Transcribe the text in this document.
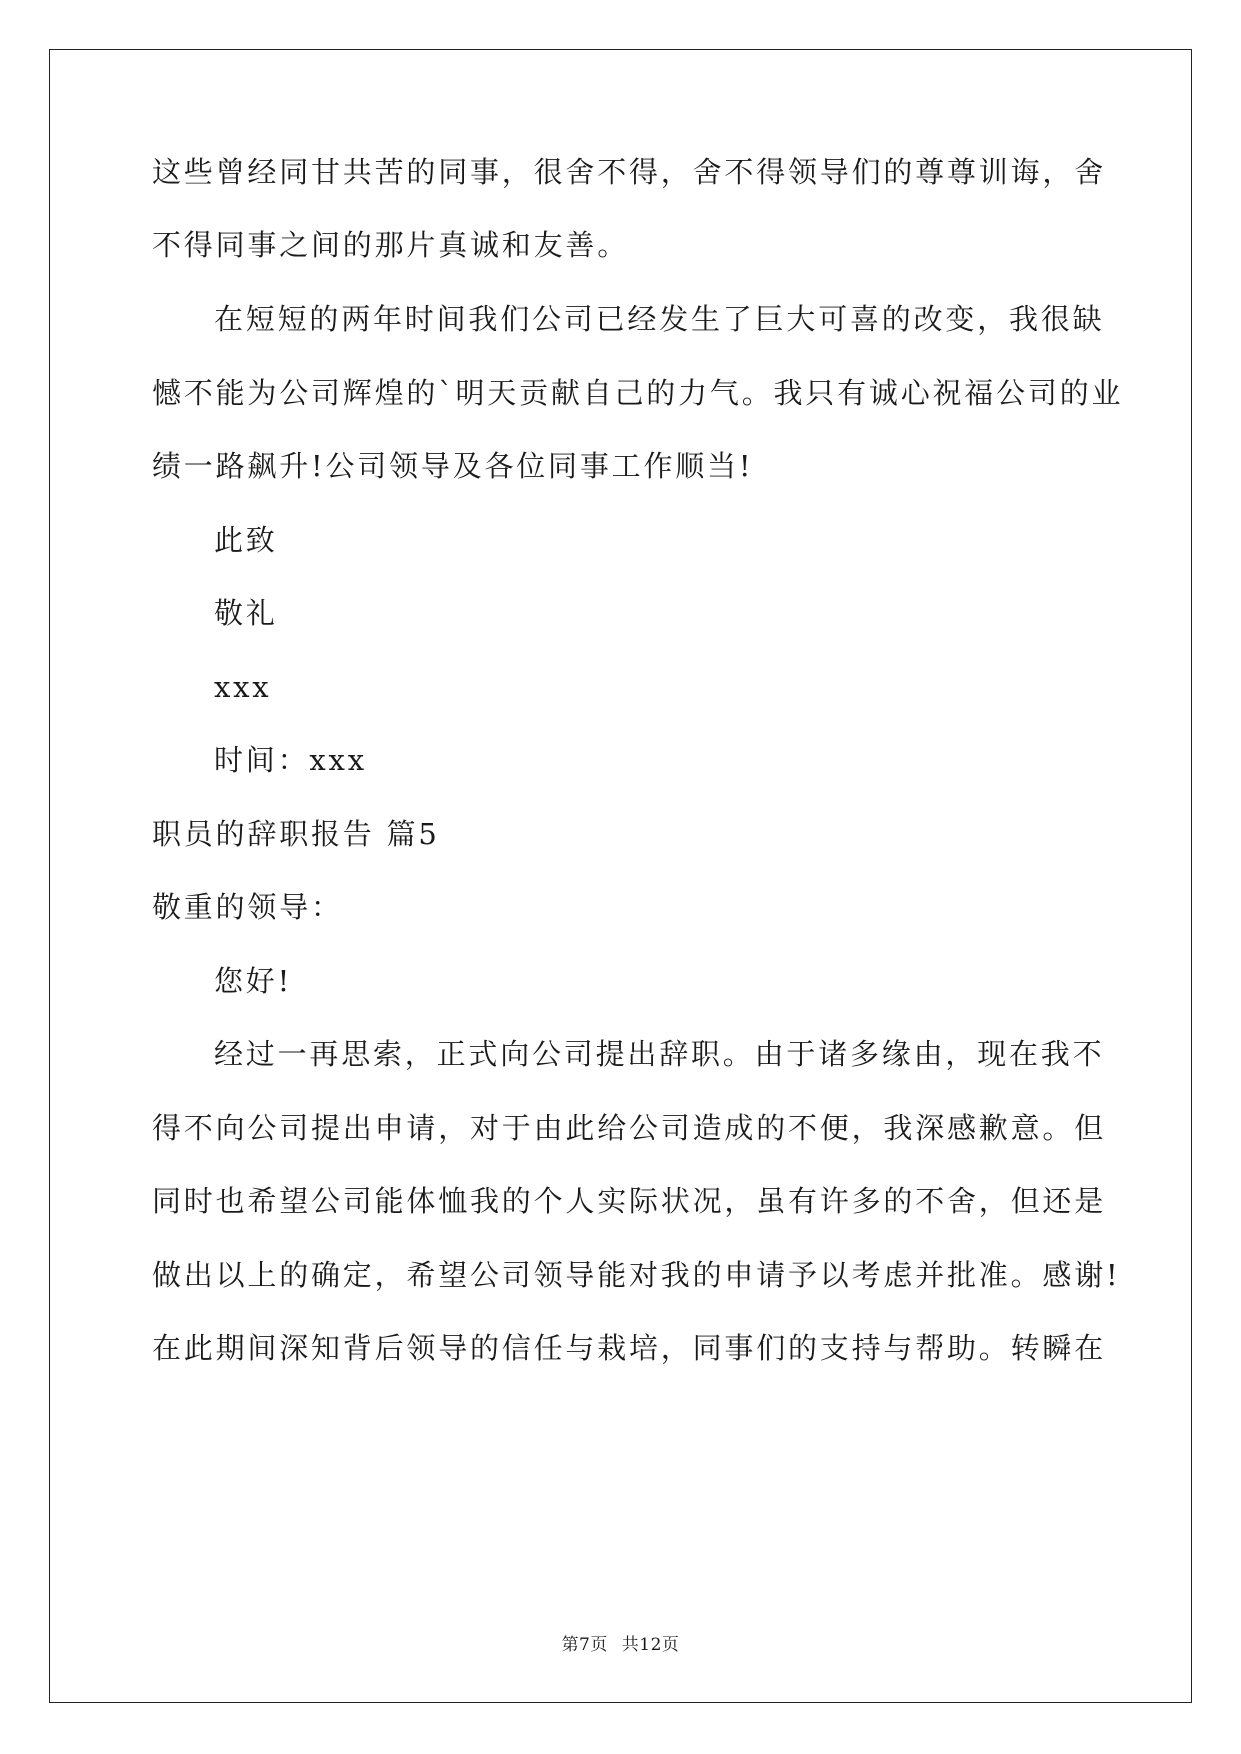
这些曾经同甘共苦的同事，很舍不得，舍不得领导们的尊尊训诲，舍
不得同事之间的那片真诚和友善。
在短短的两年时间我们公司已经发生了巨大可喜的改变，我很缺
憾不能为公司辉煌的`明天贡献自己的力气。我只有诚心祝福公司的业
绩一路飙升!公司领导及各位同事工作顺当!
此致
敬礼
xxx
时间：xxx
职员的辞职报告 篇5
敬重的领导：
您好!
经过一再思索，正式向公司提出辞职。由于诸多缘由，现在我不
得不向公司提出申请，对于由此给公司造成的不便，我深感歉意。但
同时也希望公司能体恤我的个人实际状况，虽有许多的不舍，但还是
做出以上的确定，希望公司领导能对我的申请予以考虑并批准。感谢!
在此期间深知背后领导的信任与栽培，同事们的支持与帮助。转瞬在
第7页 共12页
